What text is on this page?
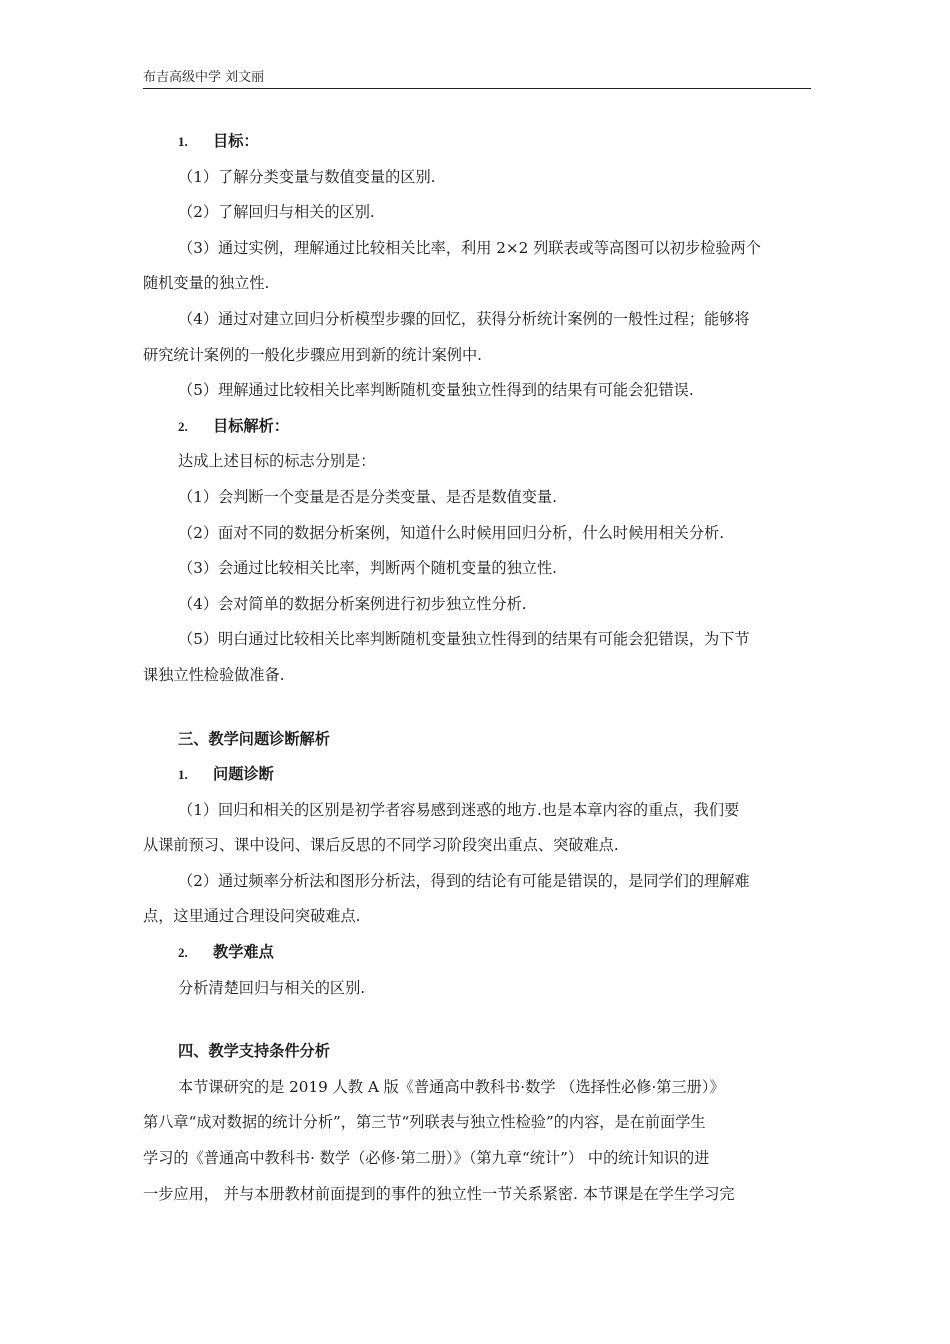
布吉高级中学 刘文丽
1. 目标：
（1）了解分类变量与数值变量的区别.
（2）了解回归与相关的区别.
（3）通过实例，理解通过比较相关比率，利用 2×2 列联表或等高图可以初步检验两个
随机变量的独立性.
（4）通过对建立回归分析模型步骤的回忆，获得分析统计案例的一般性过程；能够将
研究统计案例的一般化步骤应用到新的统计案例中.
（5）理解通过比较相关比率判断随机变量独立性得到的结果有可能会犯错误.
2. 目标解析：
达成上述目标的标志分别是：
（1）会判断一个变量是否是分类变量、是否是数值变量.
（2）面对不同的数据分析案例，知道什么时候用回归分析，什么时候用相关分析.
（3）会通过比较相关比率，判断两个随机变量的独立性.
（4）会对简单的数据分析案例进行初步独立性分析.
（5）明白通过比较相关比率判断随机变量独立性得到的结果有可能会犯错误，为下节
课独立性检验做准备.
三、教学问题诊断解析
1. 问题诊断
（1）回归和相关的区别是初学者容易感到迷惑的地方.也是本章内容的重点，我们要
从课前预习、课中设问、课后反思的不同学习阶段突出重点、突破难点.
（2）通过频率分析法和图形分析法，得到的结论有可能是错误的，是同学们的理解难
点，这里通过合理设问突破难点.
2. 教学难点
分析清楚回归与相关的区别.
四、教学支持条件分析
本节课研究的是 2019 人教 A 版《普通高中教科书·数学 （选择性必修·第三册）》
第八章“成对数据的统计分析”，第三节“列联表与独立性检验”的内容，是在前面学生
学习的《普通高中教科书· 数学（必修·第二册）》（第九章“统计”） 中的统计知识的进
一步应用， 并与本册教材前面提到的事件的独立性一节关系紧密. 本节课是在学生学习完
